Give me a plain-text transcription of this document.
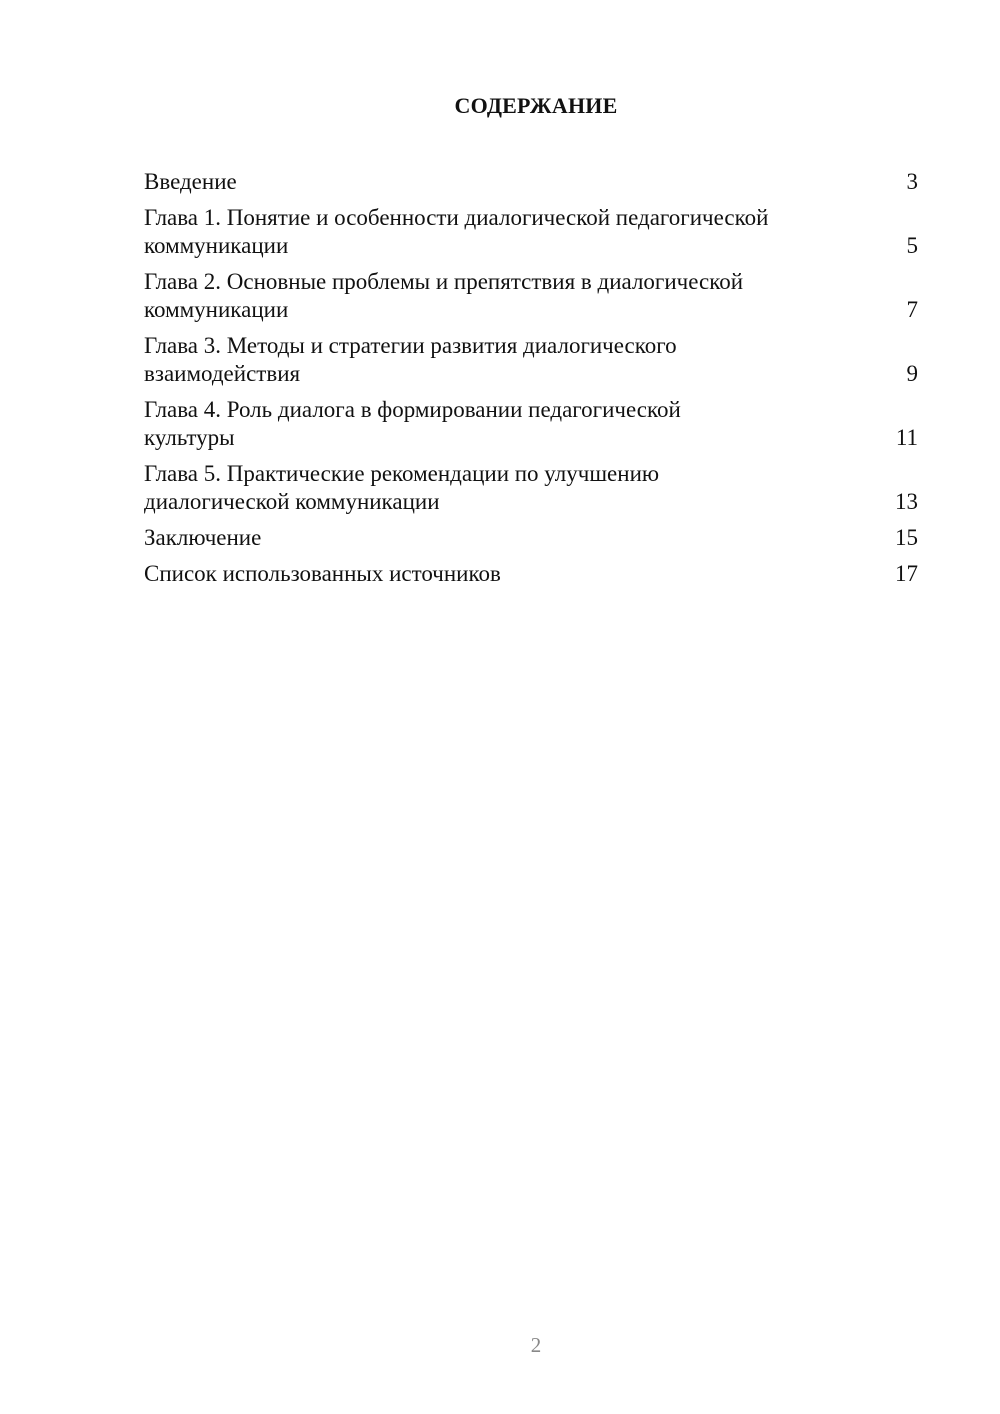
СОДЕРЖАНИЕ
Введение	3
Глава 1. Понятие и особенности диалогической педагогической
коммуникации	5
Глава 2. Основные проблемы и препятствия в диалогической
коммуникации	7
Глава 3. Методы и стратегии развития диалогического
взаимодействия	9
Глава 4. Роль диалога в формировании педагогической
культуры	11
Глава 5. Практические рекомендации по улучшению
диалогической коммуникации	13
Заключение	15
Список использованных источников	17
2
